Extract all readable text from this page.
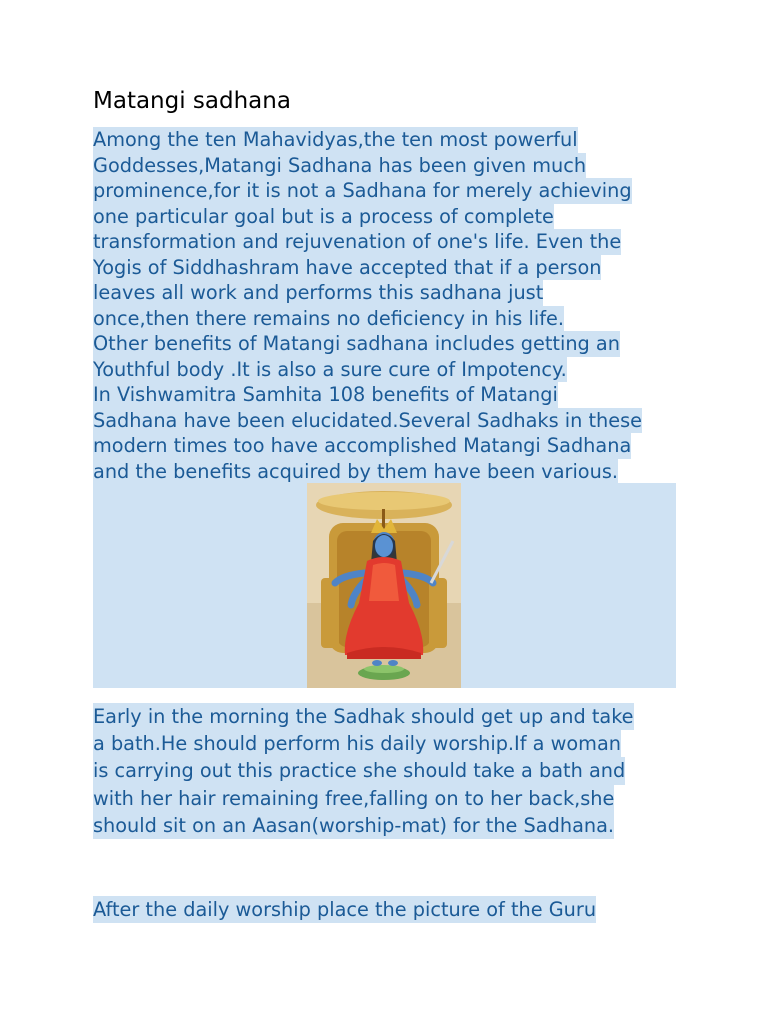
Matangi sadhana
Among the ten Mahavidyas,the ten most powerful
Goddesses,Matangi Sadhana has been given much
prominence,for it is not a Sadhana for merely achieving
one particular goal but is a process of complete
transformation and rejuvenation of one's life. Even the
Yogis of Siddhashram have accepted that if a person
leaves all work and performs this sadhana just
once,then there remains no deficiency in his life.
Other benefits of Matangi sadhana includes getting an
Youthful body .It is also a sure cure of Impotency.
In Vishwamitra Samhita 108 benefits of Matangi
Sadhana have been elucidated.Several Sadhaks in these
modern times too have accomplished Matangi Sadhana
and the benefits acquired by them have been various.
Early in the morning the Sadhak should get up and take
a bath.He should perform his daily worship.If a woman
is carrying out this practice she should take a bath and
with her hair remaining free,falling on to her back,she
should sit on an Aasan(worship-mat) for the Sadhana.
After the daily worship place the picture of the Guru
